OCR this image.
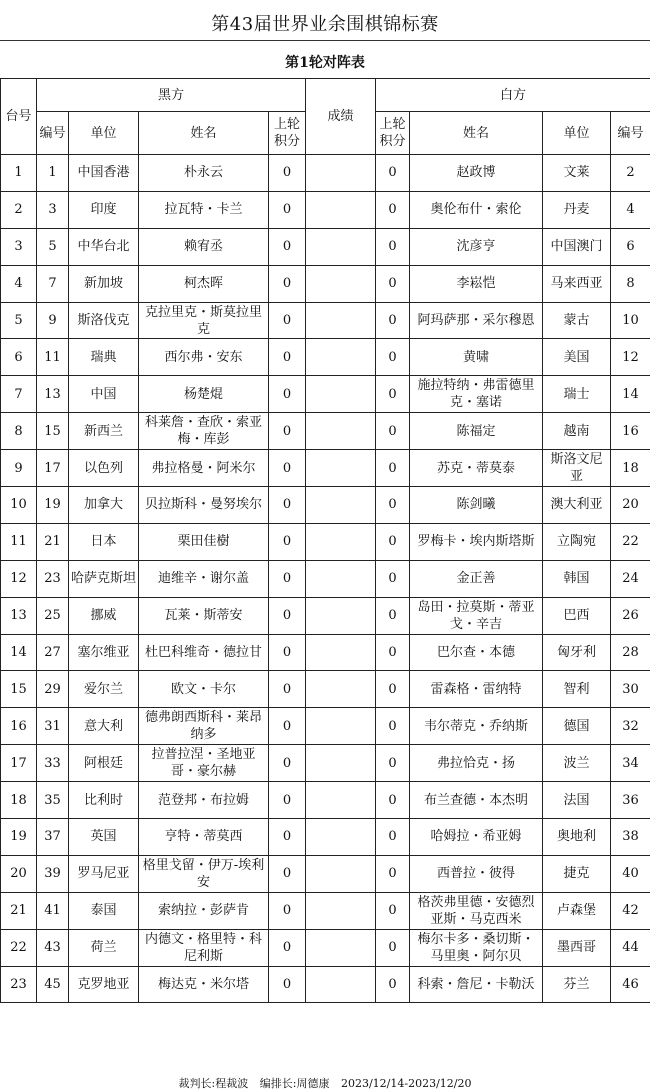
第43届世界业余围棋锦标赛
第1轮对阵表
台号	黑方				成绩		白方			
	编号	单位	姓名	上轮积分			上轮积分	姓名	单位	编号
1	1	中国香港	朴永云	0			0	赵政博	文莱	2
2	3	印度	拉瓦特・卡兰	0			0	奥伦布什・索伦	丹麦	4
3	5	中华台北	赖宥丞	0			0	沈彦亨	中国澳门	6
4	7	新加坡	柯杰晖	0			0	李崧恺	马来西亚	8
5	9	斯洛伐克	克拉里克・斯莫拉里克	0			0	阿玛萨那・采尔穆恩	蒙古	10
6	11	瑞典	西尔弗・安东	0			0	黄啸	美国	12
7	13	中国	杨楚焜	0			0	施拉特纳・弗雷德里克・塞诺	瑞士	14
8	15	新西兰	科莱詹・查欣・索亚梅・库彭	0			0	陈福定	越南	16
9	17	以色列	弗拉格曼・阿米尔	0			0	苏克・蒂莫泰	斯洛文尼亚	18
10	19	加拿大	贝拉斯科・曼努埃尔	0			0	陈剑曦	澳大利亚	20
11	21	日本	栗田佳樹	0			0	罗梅卡・埃内斯塔斯	立陶宛	22
12	23	哈萨克斯坦	迪维辛・谢尔盖	0			0	金正善	韩国	24
13	25	挪威	瓦莱・斯蒂安	0			0	岛田・拉莫斯・蒂亚戈・辛吉	巴西	26
14	27	塞尔维亚	杜巴科维奇・德拉甘	0			0	巴尔查・本德	匈牙利	28
15	29	爱尔兰	欧文・卡尔	0			0	雷森格・雷纳特	智利	30
16	31	意大利	德弗朗西斯科・莱昂纳多	0			0	韦尔蒂克・乔纳斯	德国	32
17	33	阿根廷	拉普拉涅・圣地亚哥・豪尔赫	0			0	弗拉恰克・扬	波兰	34
18	35	比利时	范登邦・布拉姆	0			0	布兰查德・本杰明	法国	36
19	37	英国	亨特・蒂莫西	0			0	哈姆拉・希亚姆	奥地利	38
20	39	罗马尼亚	格里戈留・伊万-埃利安	0			0	西普拉・彼得	捷克	40
21	41	泰国	索纳拉・彭萨肯	0			0	格茨弗里德・安德烈亚斯・马克西米	卢森堡	42
22	43	荷兰	内德文・格里特・科尼利斯	0			0	梅尔卡多・桑切斯・马里奥・阿尔贝	墨西哥	44
23	45	克罗地亚	梅达克・米尔塔	0			0	科索・詹尼・卡勒沃	芬兰	46
裁判长:程裁波 编排长:周德康 2023/12/14-2023/12/20
